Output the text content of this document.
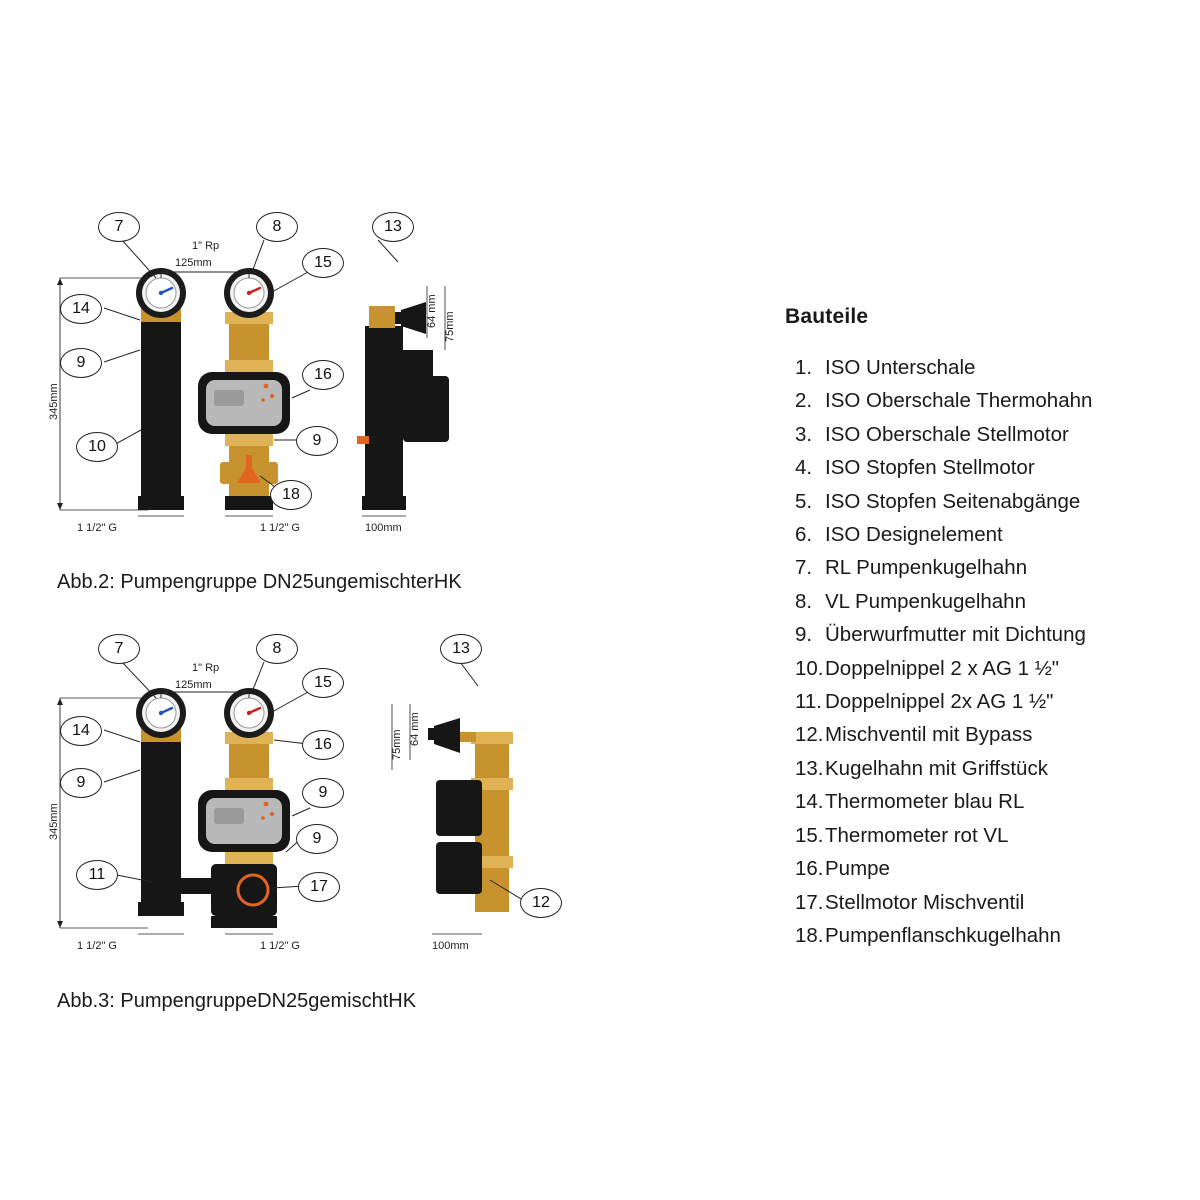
1" Rp
125mm
345mm
1 1/2" G	1 1/2" G	100mm
64 mm 75mm
7	8
15
13
14
9
16
9
10
18
Abb.2: Pumpengruppe DN25ungemischterHK
1" Rp
125mm
345mm
1 1/2" G	1 1/2" G	100mm
64 mm
75mm
7	8
15
13
14
9
16
9
9
11
17
12
Abb.3: PumpengruppeDN25gemischtHK
Bauteile
1. ISO Unterschale
2. ISO Oberschale Thermohahn
3. ISO Oberschale Stellmotor
4. ISO Stopfen Stellmotor
5. ISO Stopfen Seitenabgänge
6. ISO Designelement
7. RL Pumpenkugelhahn
8. VL Pumpenkugelhahn
9. Überwurfmutter mit Dichtung
10.Doppelnippel 2 x AG 1 ½"
11. Doppelnippel 2x AG 1 ½"
12.Mischventil mit Bypass
13.Kugelhahn mit Griffstück
14.Thermometer blau RL
15.Thermometer rot VL
16.Pumpe
17.Stellmotor Mischventil
18.Pumpenflanschkugelhahn
